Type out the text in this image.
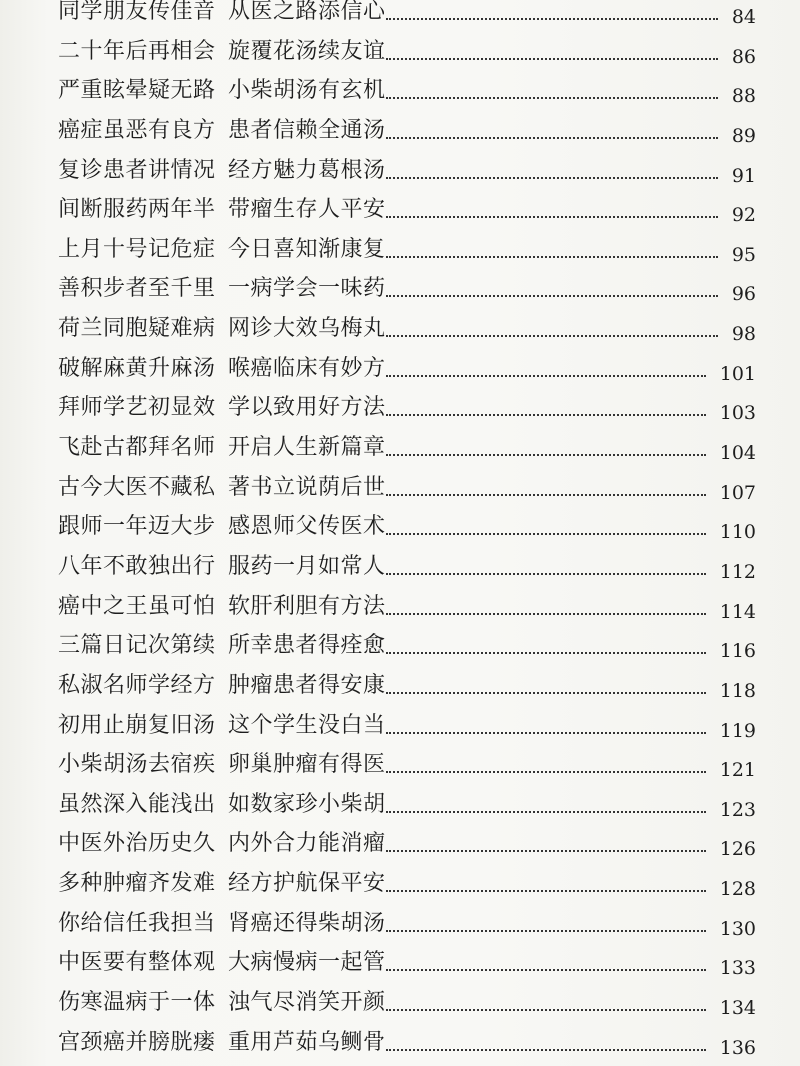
同学朋友传佳音 从医之路添信心	84
二十年后再相会 旋覆花汤续友谊	86
严重眩晕疑无路 小柴胡汤有玄机	88
癌症虽恶有良方 患者信赖全通汤	89
复诊患者讲情况 经方魅力葛根汤	91
间断服药两年半 带瘤生存人平安	92
上月十号记危症 今日喜知渐康复	95
善积步者至千里 一病学会一味药	96
荷兰同胞疑难病 网诊大效乌梅丸	98
破解麻黄升麻汤 喉癌临床有妙方	101
拜师学艺初显效 学以致用好方法	103
飞赴古都拜名师 开启人生新篇章	104
古今大医不藏私 著书立说荫后世	107
跟师一年迈大步 感恩师父传医术	110
八年不敢独出行 服药一月如常人	112
癌中之王虽可怕 软肝利胆有方法	114
三篇日记次第续 所幸患者得痊愈	116
私淑名师学经方 肿瘤患者得安康	118
初用止崩复旧汤 这个学生没白当	119
小柴胡汤去宿疾 卵巢肿瘤有得医	121
虽然深入能浅出 如数家珍小柴胡	123
中医外治历史久 内外合力能消瘤	126
多种肿瘤齐发难 经方护航保平安	128
你给信任我担当 肾癌还得柴胡汤	130
中医要有整体观 大病慢病一起管	133
伤寒温病于一体 浊气尽消笑开颜	134
宫颈癌并膀胱瘘 重用芦茹乌鲗骨	136
